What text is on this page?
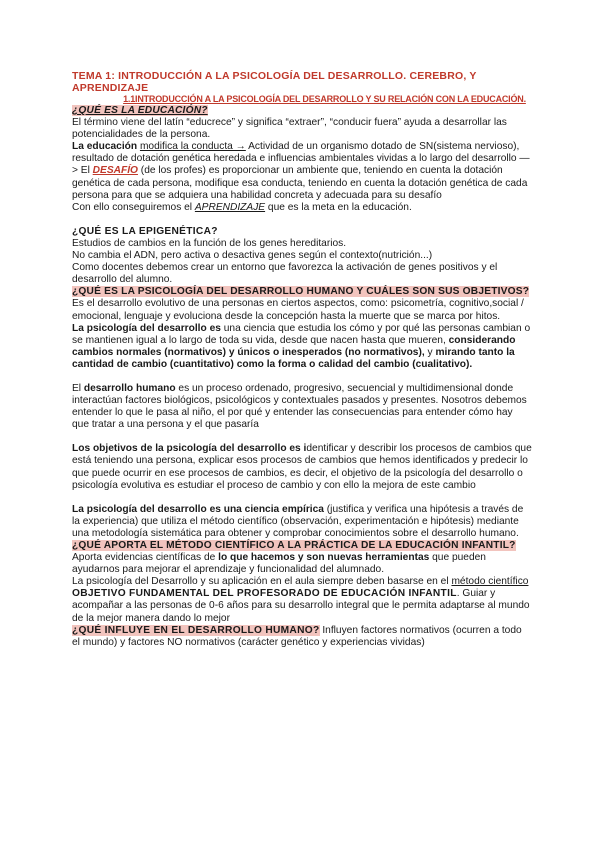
TEMA 1: INTRODUCCIÓN A LA PSICOLOGÍA DEL DESARROLLO. CEREBRO, Y APRENDIZAJE
1.1INTRODUCCIÓN A LA PSICOLOGÍA DEL DESARROLLO Y SU RELACIÓN CON LA EDUCACIÓN.
¿QUÉ ES LA EDUCACIÓN?

El término viene del latín “educrece” y significa “extraer”, “conducir fuera” ayuda a desarrollar las potencialidades de la persona.

La educación modifica la conducta → Actividad de un organismo dotado de SN(sistema nervioso), resultado de dotación genética heredada e influencias ambientales vividas a lo largo del desarrollo —> El DESAFÍO (de los profes) es proporcionar un ambiente que, teniendo en cuenta la dotación genética de cada persona, modifique esa conducta, teniendo en cuenta la dotación genética de cada persona para que se adquiera una habilidad concreta y adecuada para su desafío

Con ello conseguiremos el APRENDIZAJE que es la meta en la educación.

¿QUÉ ES LA EPIGENÉTICA?

Estudios de cambios en la función de los genes hereditarios.

No cambia el ADN, pero activa o desactiva genes según el contexto(nutrición...)

Como docentes debemos crear un entorno que favorezca la activación de genes positivos y el desarrollo del alumno.

¿QUÉ ES LA PSICOLOGÍA DEL DESARROLLO HUMANO Y CUÁLES SON SUS OBJETIVOS?

Es el desarrollo evolutivo de una personas en ciertos aspectos, como: psicometría, cognitivo,social / emocional, lenguaje y evoluciona desde la concepción hasta la muerte que se marca por hitos.

La psicología del desarrollo es una ciencia que estudia los cómo y por qué las personas cambian o se mantienen igual a lo largo de toda su vida, desde que nacen hasta que mueren, considerando cambios normales (normativos) y únicos o inesperados (no normativos), y mirando tanto la cantidad de cambio (cuantitativo) como la forma o calidad del cambio (cualitativo).

El desarrollo humano es un proceso ordenado, progresivo, secuencial y multidimensional donde interactúan factores biológicos, psicológicos y contextuales pasados y presentes. Nosotros debemos entender lo que le pasa al niño, el por qué y entender las consecuencias para entender cómo hay que tratar a una persona y el que pasaría

Los objetivos de la psicología del desarrollo es identificar y describir los procesos de cambios que está teniendo una persona, explicar esos procesos de cambios que hemos identificados y predecir lo que puede ocurrir en ese procesos de cambios, es decir, el objetivo de la psicología del desarrollo o psicología evolutiva es estudiar el proceso de cambio y con ello la mejora de este cambio

La psicología del desarrollo es una ciencia empírica (justifica y verifica una hipótesis a través de la experiencia) que utiliza el método científico (observación, experimentación e hipótesis) mediante una metodología sistemática para obtener y comprobar conocimientos sobre el desarrollo humano.

¿QUÉ APORTA EL MÉTODO CIENTÍFICO A LA PRÁCTICA DE LA EDUCACIÓN INFANTIL?Aporta evidencias científicas de lo que hacemos y son nuevas herramientas que pueden ayudarnos para mejorar el aprendizaje y funcionalidad del alumnado.

La psicología del Desarrollo y su aplicación en el aula siempre deben basarse en el método científico

OBJETIVO FUNDAMENTAL DEL PROFESORADO DE EDUCACIÓN INFANTIL. Guiar y acompañar a las personas de 0-6 años para su desarrollo integral que le permita adaptarse al mundo de la mejor manera dando lo mejor

¿QUÉ INFLUYE EN EL DESARROLLO HUMANO? Influyen factores normativos (ocurren a todo el mundo) y factores NO normativos (carácter genético y experiencias vividas)
